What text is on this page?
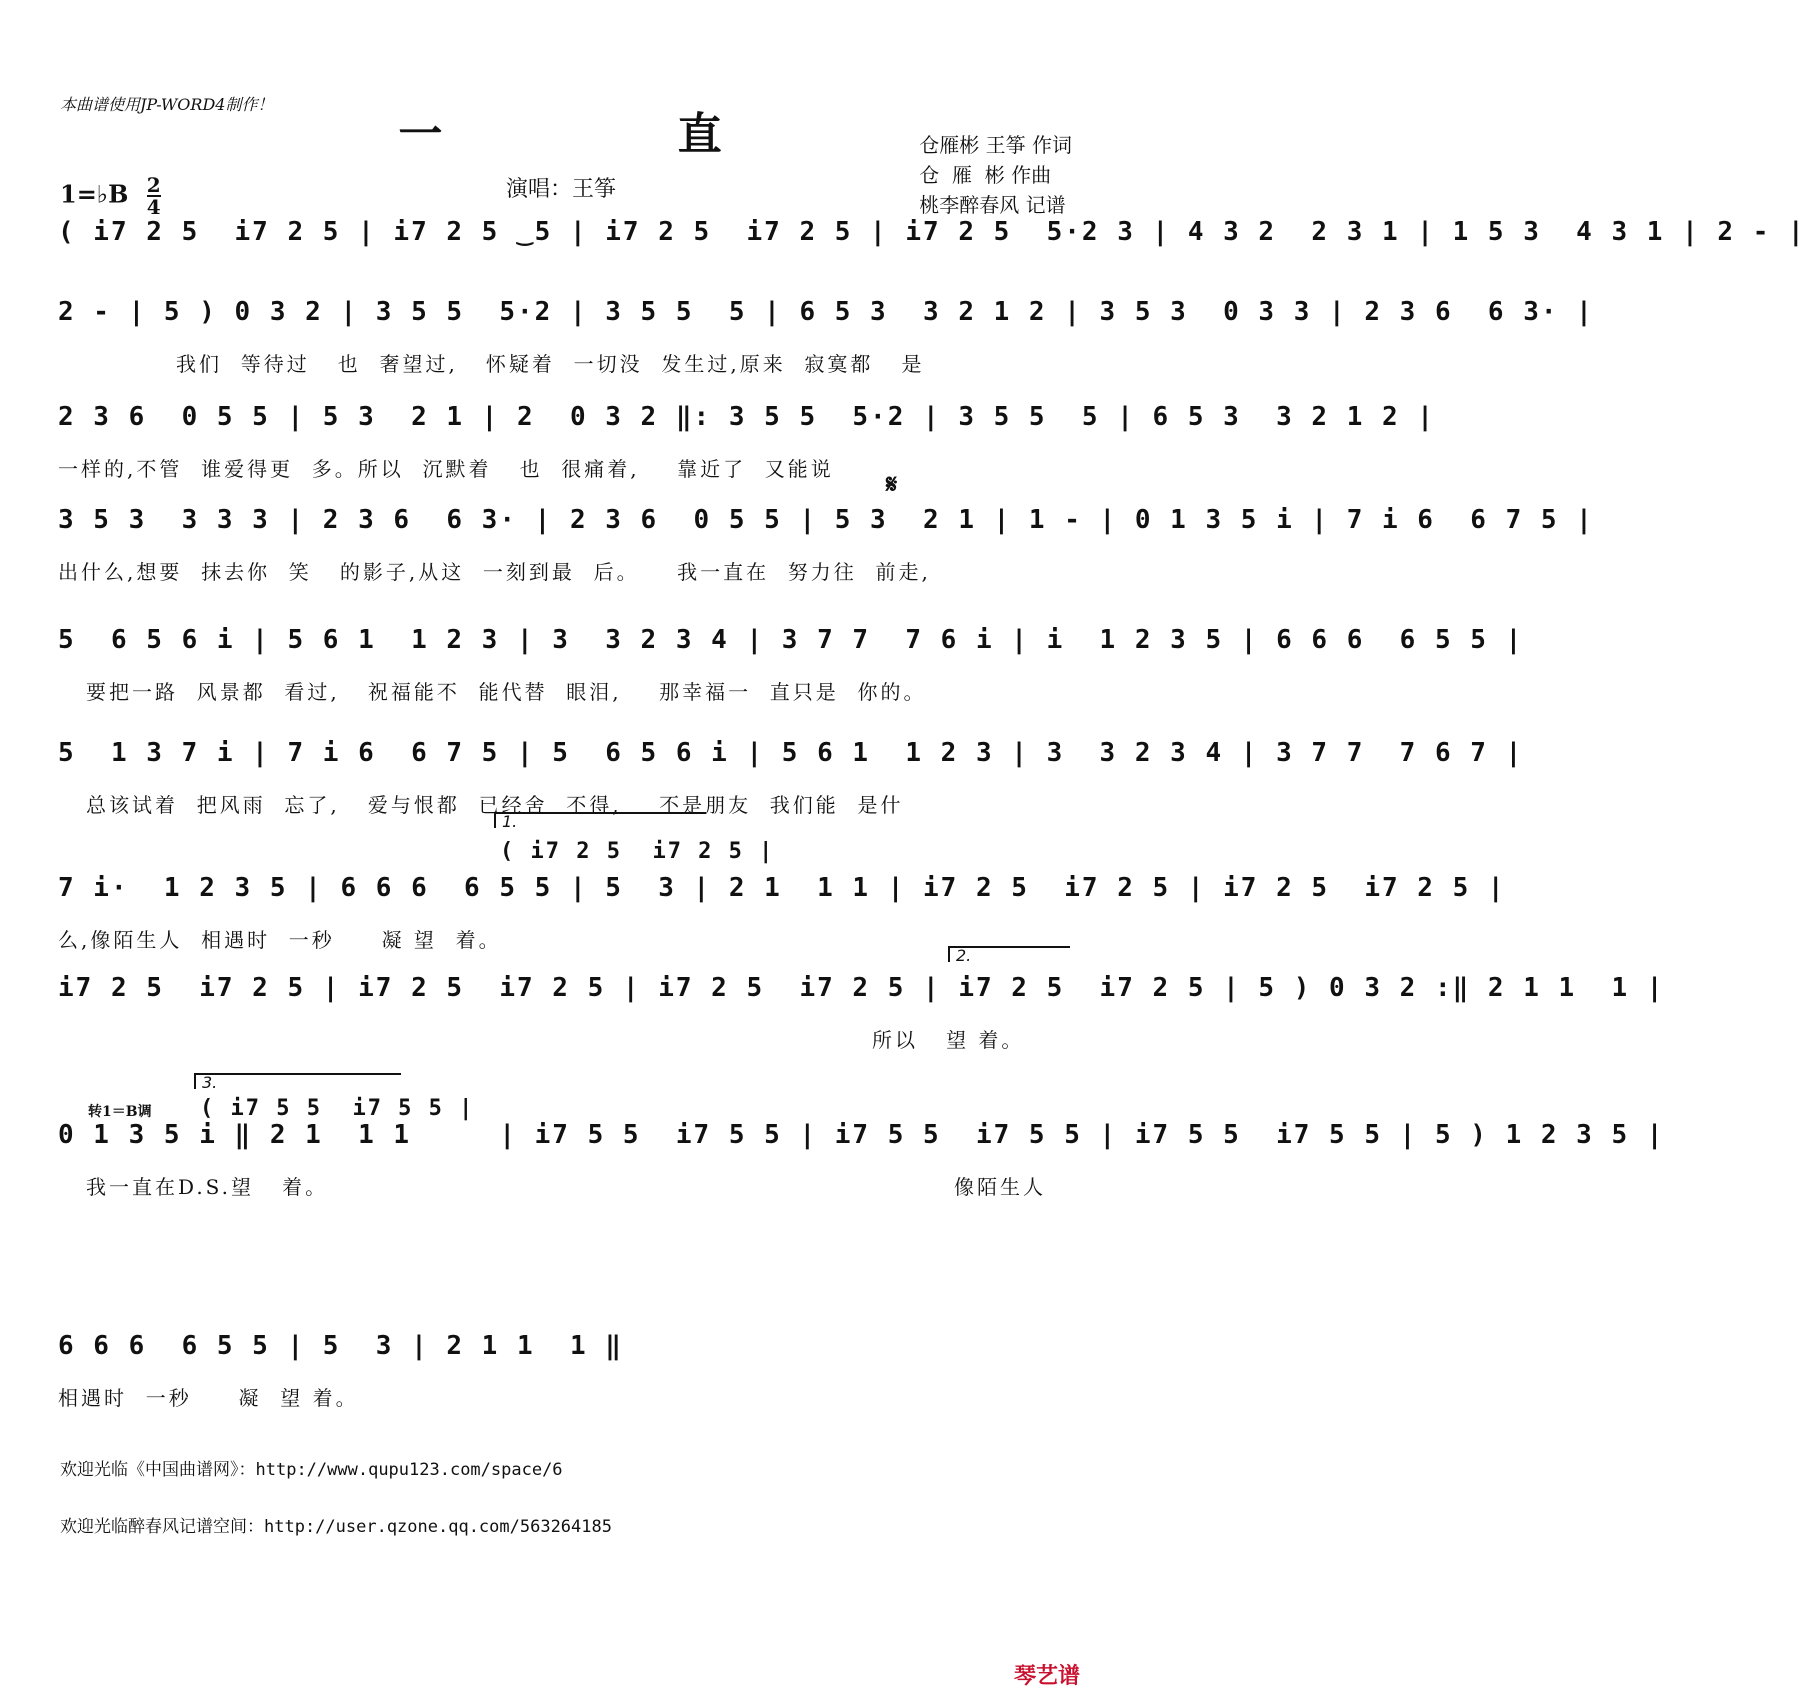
本曲谱使用JP-WORD4制作！
一 直	仓雁彬 王筝 作词
仓  雁  彬 作曲
桃李醉春风 记谱
1=♭B $\frac{2}{4}$	演唱：王筝
( i7 2 5  i7 2 5 | i7 2 5 ‿5 | i7 2 5  i7 2 5 | i7 2 5  5·2 3 | 4 3 2  2 3 1 | 1 5 3  4 3 1 | 2 - |
2 - | 5 ) 0 3 2 | 3 5 5  5·2 | 3 5 5  5 | 6 5 3  3 2 1 2 | 3 5 3  0 3 3 | 2 3 6  6 3· |
我们  等待过   也  奢望过,   怀疑着  一切没  发生过,原来  寂寞都   是
2 3 6  0 5 5 | 5 3  2 1 | 2  0 3 2 ‖: 3 5 5  5·2 | 3 5 5  5 | 6 5 3  3 2 1 2 |
一样的,不管  谁爱得更  多。所以  沉默着   也  很痛着,    靠近了  又能说
𝄋
3 5 3  3 3 3 | 2 3 6  6 3· | 2 3 6  0 5 5 | 5 3  2 1 | 1 - | 0 1 3 5 i | 7 i 6  6 7 5 |
出什么,想要  抹去你  笑   的影子,从这  一刻到最  后。    我一直在  努力往  前走,
5  6 5 6 i | 5 6 1  1 2 3 | 3  3 2 3 4 | 3 7 7  7 6 i | i  1 2 3 5 | 6 6 6  6 5 5 |
要把一路  风景都  看过,   祝福能不  能代替  眼泪,    那幸福一  直只是  你的。
5  1 3 7 i | 7 i 6  6 7 5 | 5  6 5 6 i | 5 6 1  1 2 3 | 3  3 2 3 4 | 3 7 7  7 6 7 |
总该试着  把风雨  忘了,   爱与恨都  已经舍  不得,    不是朋友  我们能  是什
1.
( i7 2 5  i7 2 5 |
7 i·  1 2 3 5 | 6 6 6  6 5 5 | 5  3 | 2 1  1 1 | i7 2 5  i7 2 5 | i7 2 5  i7 2 5 |
么,像陌生人  相遇时  一秒     凝 望  着。
2.
i7 2 5  i7 2 5 | i7 2 5  i7 2 5 | i7 2 5  i7 2 5 | i7 2 5  i7 2 5 | 5 ) 0 3 2 :‖ 2 1 1  1 |
所以   望 着。
3.
( i7 5 5  i7 5 5 |
转1＝B调
0 1 3 5 i ‖ 2 1  1 1     | i7 5 5  i7 5 5 | i7 5 5  i7 5 5 | i7 5 5  i7 5 5 | 5 ) 1 2 3 5 |
我一直在D.S.望   着。	像陌生人
6 6 6  6 5 5 | 5  3 | 2 1 1  1 ‖
相遇时  一秒     凝  望 着。
欢迎光临《中国曲谱网》：http://www.qupu123.com/space/6
欢迎光临醉春风记谱空间：http://user.qzone.qq.com/563264185
琴艺谱
